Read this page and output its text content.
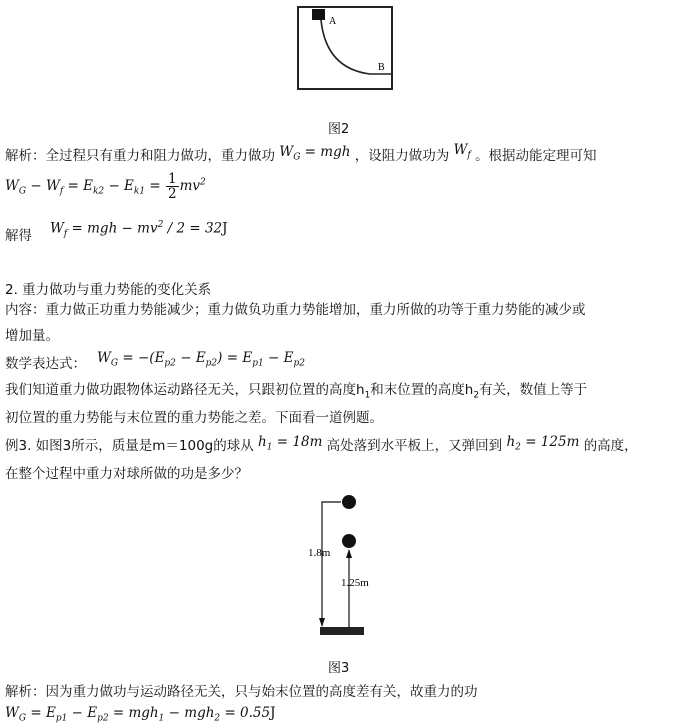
A
B
图2
解析：全过程只有重力和阻力做功，重力做功 $W_G$ = mgh ，设阻力做功为 $W_f$ 。根据动能定理可知
$W_G - W_f = E_{k2} - E_{k1} = \frac{1}{2} mv^2$
解得 $W_f$ = mgh − $mv^2 / 2 = 32J$
2. 重力做功与重力势能的变化关系
内容：重力做正功重力势能减少；重力做负功重力势能增加，重力所做的功等于重力势能的减少或
增加量。
数学表达式： $W_G = -(E_{p2} - E_{p2}) = E_{p1} - E_{p2}$
我们知道重力做功跟物体运动路径无关，只跟初位置的高度$h_1$和末位置的高度$h_2$有关，数值上等于
初位置的重力势能与末位置的重力势能之差。下面看一道例题。
例3. 如图3所示，质量是m＝100g的球从 $h_1 = 18m$ 高处落到水平板上，又弹回到 $h_2 = 125m$ 的高度，
在整个过程中重力对球所做的功是多少？
1.8m
1.25m
图3
解析：因为重力做功与运动路径无关，只与始末位置的高度差有关，故重力的功
$W_G = E_{p1} - E_{p2} = mgh_1 - mgh_2 = 0.55J$
